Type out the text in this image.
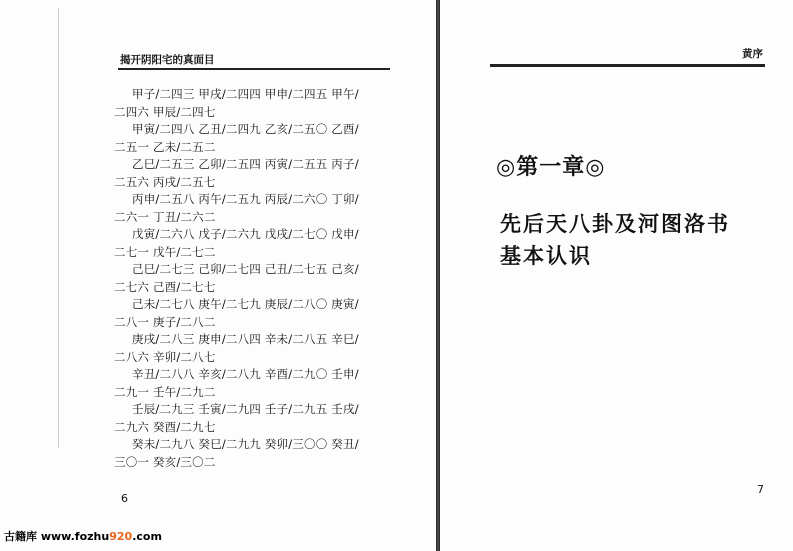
揭开阴阳宅的真面目
甲子/二四三 甲戌/二四四 甲申/二四五 甲午/
二四六 甲辰/二四七
甲寅/二四八 乙丑/二四九 乙亥/二五〇 乙酉/
二五一 乙未/二五二
乙巳/二五三 乙卯/二五四 丙寅/二五五 丙子/
二五六 丙戌/二五七
丙申/二五八 丙午/二五九 丙辰/二六〇 丁卯/
二六一 丁丑/二六二
戊寅/二六八 戊子/二六九 戊戌/二七〇 戊申/
二七一 戊午/二七二
己巳/二七三 己卯/二七四 己丑/二七五 己亥/
二七六 己酉/二七七
己未/二七八 庚午/二七九 庚辰/二八〇 庚寅/
二八一 庚子/二八二
庚戌/二八三 庚申/二八四 辛未/二八五 辛巳/
二八六 辛卯/二八七
辛丑/二八八 辛亥/二八九 辛酉/二九〇 壬申/
二九一 壬午/二九二
壬辰/二九三 壬寅/二九四 壬子/二九五 壬戌/
二九六 癸酉/二九七
癸未/二九八 癸巳/二九九 癸卯/三〇〇 癸丑/
三〇一 癸亥/三〇二
6
黄序
◎第一章◎
先后天八卦及河图洛书
基本认识
7
古籍库 www.fozhu920.com
